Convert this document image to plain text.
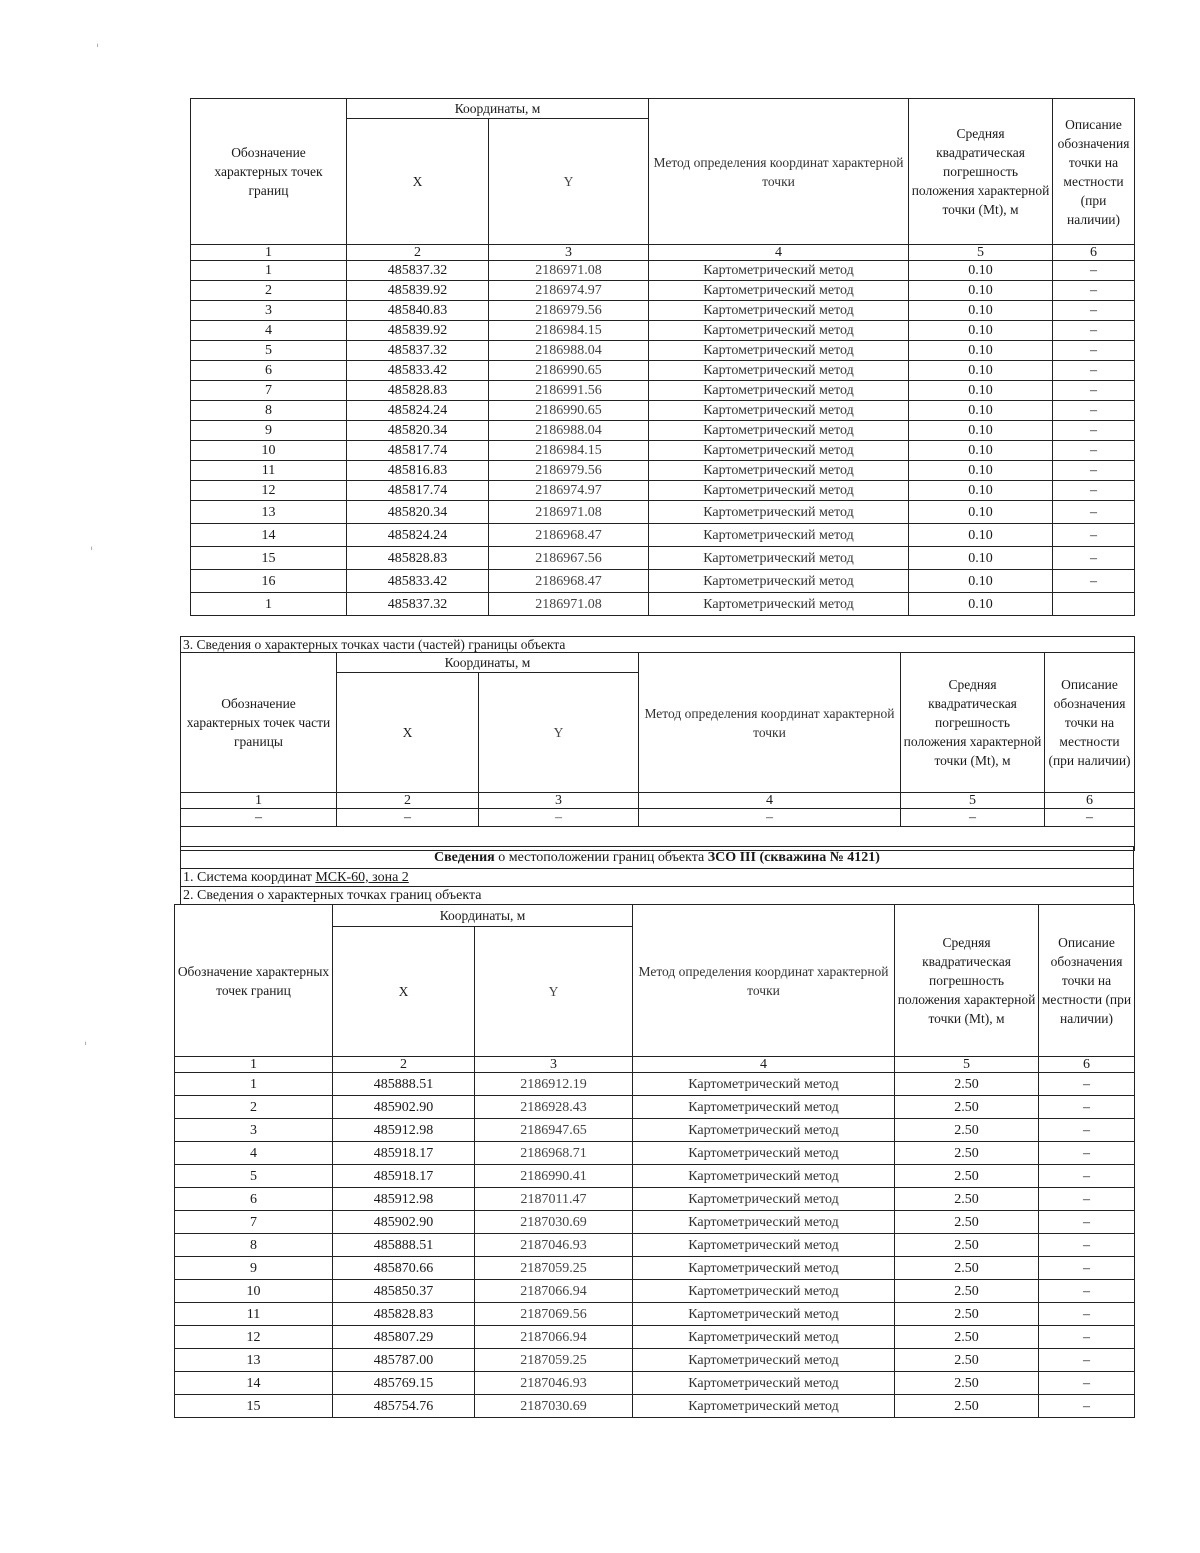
ˈ
ˈ
ˈ
Обозначение характерных точек границ	Координаты, м		Метод определения координат характерной точки	Средняя квадратическая погрешность положения характерной точки (Mt), м	Описание обозначения точки на местности (при наличии)
	X	Y			
1	2	3	4	5	6
1	485837.32	2186971.08	Картометрический метод	0.10	–
2	485839.92	2186974.97	Картометрический метод	0.10	–
3	485840.83	2186979.56	Картометрический метод	0.10	–
4	485839.92	2186984.15	Картометрический метод	0.10	–
5	485837.32	2186988.04	Картометрический метод	0.10	–
6	485833.42	2186990.65	Картометрический метод	0.10	–
7	485828.83	2186991.56	Картометрический метод	0.10	–
8	485824.24	2186990.65	Картометрический метод	0.10	–
9	485820.34	2186988.04	Картометрический метод	0.10	–
10	485817.74	2186984.15	Картометрический метод	0.10	–
11	485816.83	2186979.56	Картометрический метод	0.10	–
12	485817.74	2186974.97	Картометрический метод	0.10	–
13	485820.34	2186971.08	Картометрический метод	0.10	–
14	485824.24	2186968.47	Картометрический метод	0.10	–
15	485828.83	2186967.56	Картометрический метод	0.10	–
16	485833.42	2186968.47	Картометрический метод	0.10	–
1	485837.32	2186971.08	Картометрический метод	0.10	
3. Сведения о характерных точках части (частей) границы объекта					
Обозначение характерных точек части границы	Координаты, м		Метод определения координат характерной точки	Средняя квадратическая погрешность положения характерной точки (Mt), м	Описание обозначения точки на местности (при наличии)
	X	Y			
1	2	3	4	5	6
–	–	–	–	–	–

Сведения о местоположении границ объекта ЗСО III (скважина № 4121)
1. Система координат МСК-60, зона 2
2. Сведения о характерных точках границ объекта
Обозначение характерных точек границ	Координаты, м		Метод определения координат характерной точки	Средняя квадратическая погрешность положения характерной точки (Mt), м	Описание обозначения точки на местности (при наличии)
	X	Y			
1	2	3	4	5	6
1	485888.51	2186912.19	Картометрический метод	2.50	–
2	485902.90	2186928.43	Картометрический метод	2.50	–
3	485912.98	2186947.65	Картометрический метод	2.50	–
4	485918.17	2186968.71	Картометрический метод	2.50	–
5	485918.17	2186990.41	Картометрический метод	2.50	–
6	485912.98	2187011.47	Картометрический метод	2.50	–
7	485902.90	2187030.69	Картометрический метод	2.50	–
8	485888.51	2187046.93	Картометрический метод	2.50	–
9	485870.66	2187059.25	Картометрический метод	2.50	–
10	485850.37	2187066.94	Картометрический метод	2.50	–
11	485828.83	2187069.56	Картометрический метод	2.50	–
12	485807.29	2187066.94	Картометрический метод	2.50	–
13	485787.00	2187059.25	Картометрический метод	2.50	–
14	485769.15	2187046.93	Картометрический метод	2.50	–
15	485754.76	2187030.69	Картометрический метод	2.50	–
